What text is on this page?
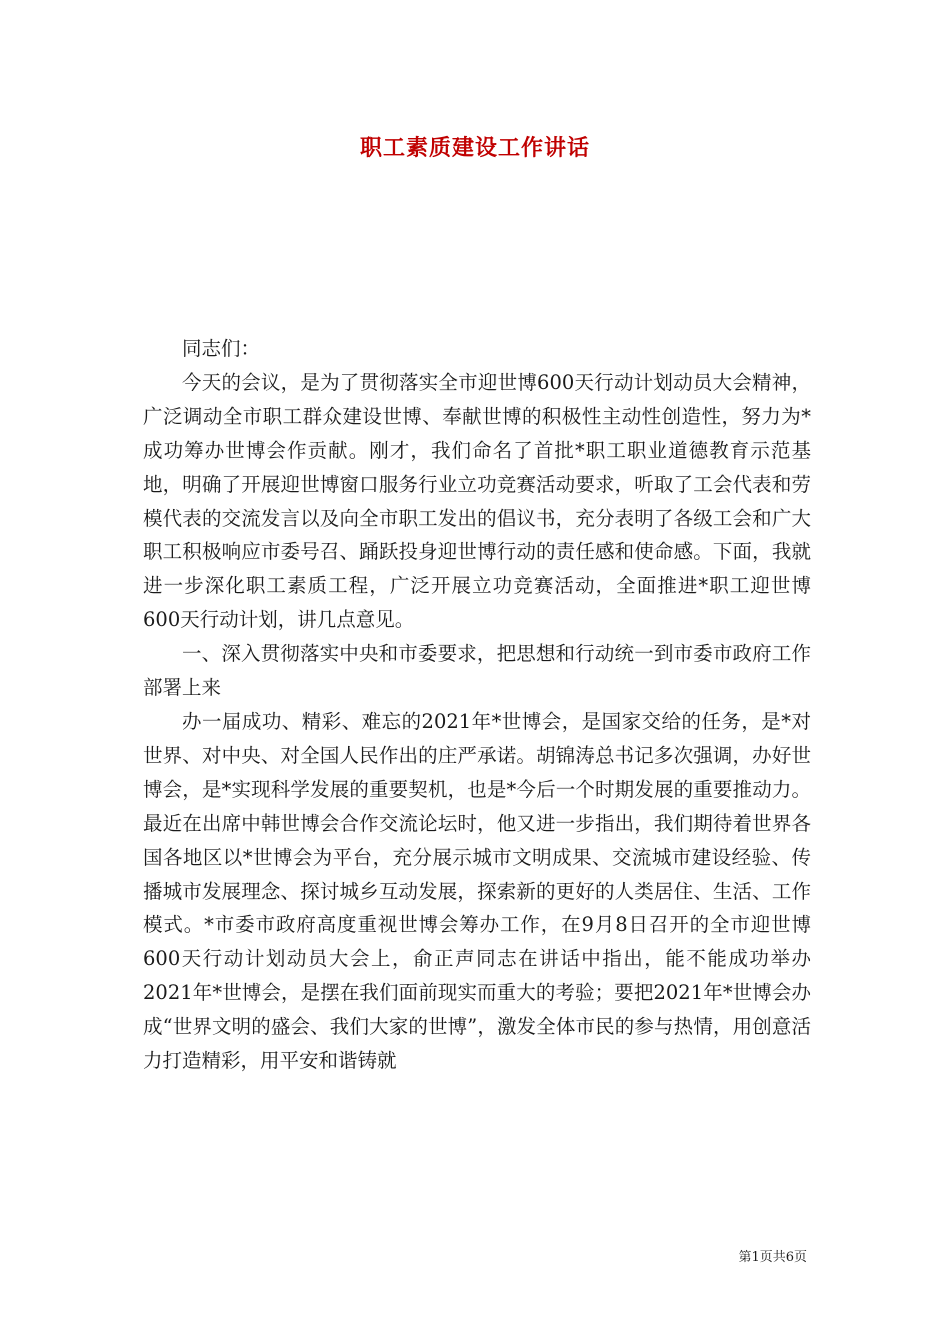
职工素质建设工作讲话

同志们：

今天的会议，是为了贯彻落实全市迎世博600天行动计划动员大会精神，广泛调动全市职工群众建设世博、奉献世博的积极性主动性创造性，努力为*成功筹办世博会作贡献。刚才，我们命名了首批*职工职业道德教育示范基地，明确了开展迎世博窗口服务行业立功竞赛活动要求，听取了工会代表和劳模代表的交流发言以及向全市职工发出的倡议书，充分表明了各级工会和广大职工积极响应市委号召、踊跃投身迎世博行动的责任感和使命感。下面，我就进一步深化职工素质工程，广泛开展立功竞赛活动，全面推进*职工迎世博600天行动计划，讲几点意见。

一、深入贯彻落实中央和市委要求，把思想和行动统一到市委市政府工作部署上来

办一届成功、精彩、难忘的2021年*世博会，是国家交给的任务，是*对世界、对中央、对全国人民作出的庄严承诺。胡锦涛总书记多次强调，办好世博会，是*实现科学发展的重要契机，也是*今后一个时期发展的重要推动力。最近在出席中韩世博会合作交流论坛时，他又进一步指出，我们期待着世界各国各地区以*世博会为平台，充分展示城市文明成果、交流城市建设经验、传播城市发展理念、探讨城乡互动发展，探索新的更好的人类居住、生活、工作模式。*市委市政府高度重视世博会筹办工作，在9月8日召开的全市迎世博600天行动计划动员大会上，俞正声同志在讲话中指出，能不能成功举办2021年*世博会，是摆在我们面前现实而重大的考验；要把2021年*世博会办成“世界文明的盛会、我们大家的世博”，激发全体市民的参与热情，用创意活力打造精彩，用平安和谐铸就

第1页共6页
